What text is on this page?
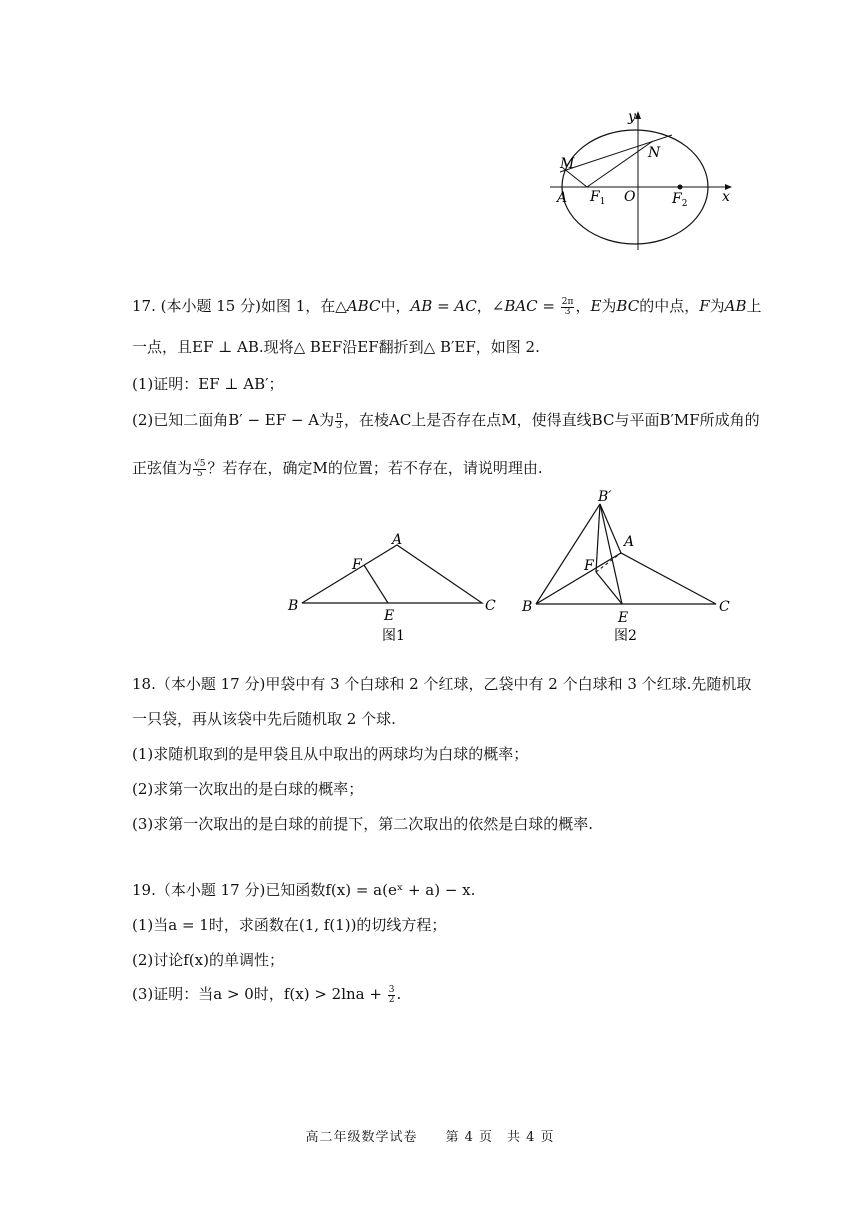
y
x
M
N
A $F_1$ O	$F_2$
17. (本小题 15 分)如图 1，在△ABC中，AB = AC，∠BAC = $\frac{2\pi}{3}$ ，E为BC的中点，F为AB上
一点，且EF ⊥ AB.现将△ BEF沿EF翻折到△ B′EF，如图 2.
(1)证明：EF ⊥ AB′；
(2)已知二面角B′ − EF − A为 $\frac{\pi}{3}$ ，在棱AC上是否存在点M，使得直线BC与平面B′MF所成角的
正弦值为 $\frac{√5}{5}$ ？若存在，确定M的位置；若不存在，请说明理由.
A
F
B
E
C
图1
B′
A
F
B
E
C
图2
18.（本小题 17 分)甲袋中有 3 个白球和 2 个红球，乙袋中有 2 个白球和 3 个红球.先随机取
一只袋，再从该袋中先后随机取 2 个球.
(1)求随机取到的是甲袋且从中取出的两球均为白球的概率；
(2)求第一次取出的是白球的概率；
(3)求第一次取出的是白球的前提下，第二次取出的依然是白球的概率.
19.（本小题 17 分)已知函数f(x) = a(eˣ + a) − x.
(1)当a = 1时，求函数在(1, f(1))的切线方程；
(2)讨论f(x)的单调性；
(3)证明：当a > 0时，$f(x) > 2\ln a + \frac{3}{2}$ .
高二年级数学试卷　　第 4 页　共 4 页
